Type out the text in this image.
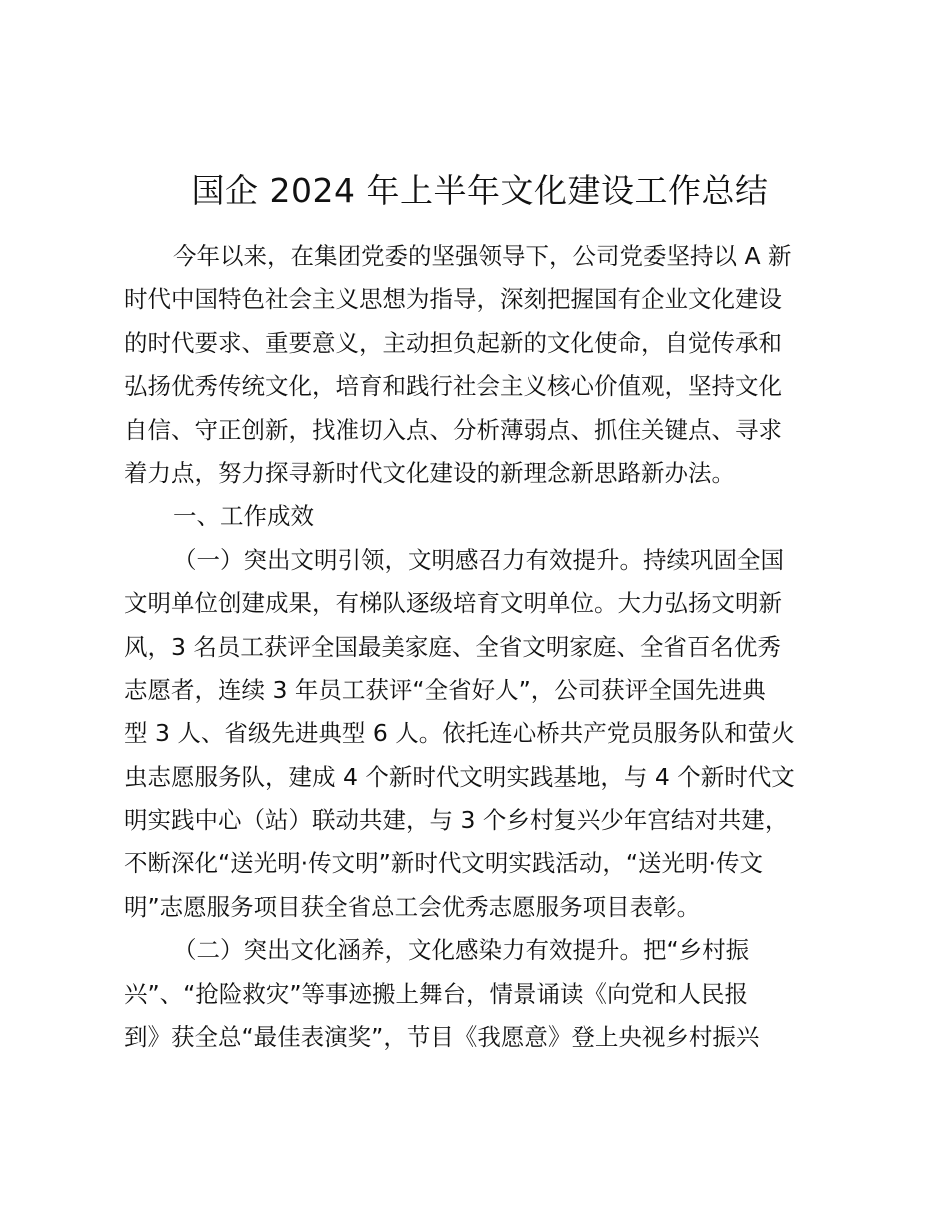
国企 2024 年上半年文化建设工作总结
今年以来，在集团党委的坚强领导下，公司党委坚持以 A 新
时代中国特色社会主义思想为指导，深刻把握国有企业文化建设
的时代要求、重要意义，主动担负起新的文化使命，自觉传承和
弘扬优秀传统文化，培育和践行社会主义核心价值观，坚持文化
自信、守正创新，找准切入点、分析薄弱点、抓住关键点、寻求
着力点，努力探寻新时代文化建设的新理念新思路新办法。
一、工作成效
（一）突出文明引领，文明感召力有效提升。持续巩固全国
文明单位创建成果，有梯队逐级培育文明单位。大力弘扬文明新
风，3 名员工获评全国最美家庭、全省文明家庭、全省百名优秀
志愿者，连续 3 年员工获评“全省好人”，公司获评全国先进典
型 3 人、省级先进典型 6 人。依托连心桥共产党员服务队和萤火
虫志愿服务队，建成 4 个新时代文明实践基地，与 4 个新时代文
明实践中心（站）联动共建，与 3 个乡村复兴少年宫结对共建，
不断深化“送光明·传文明”新时代文明实践活动，“送光明·传文
明”志愿服务项目获全省总工会优秀志愿服务项目表彰。
（二）突出文化涵养，文化感染力有效提升。把“乡村振
兴”、“抢险救灾”等事迹搬上舞台，情景诵读《向党和人民报
到》获全总“最佳表演奖”，节目《我愿意》登上央视乡村振兴
